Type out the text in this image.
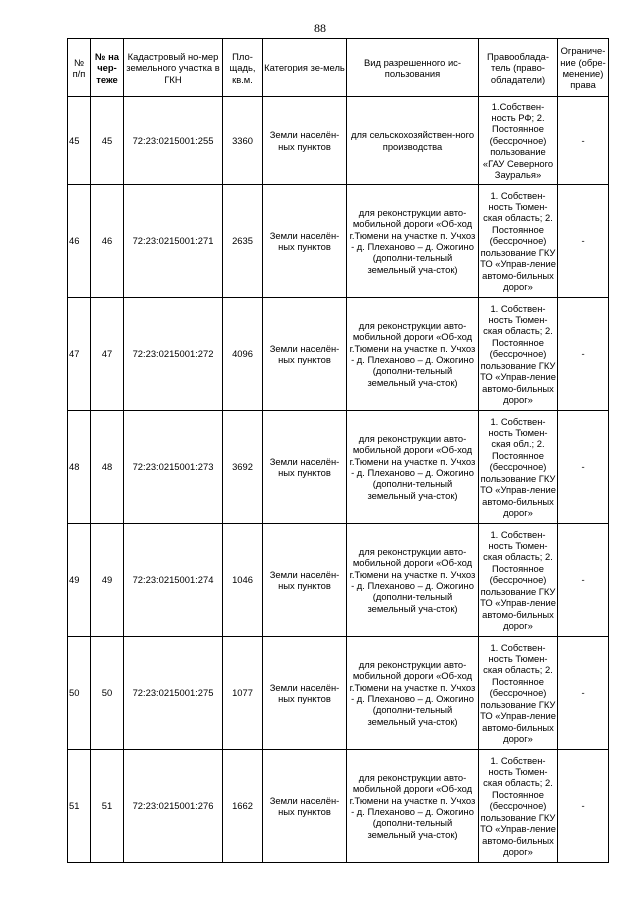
88
№ п/п	№ на чер-теже	Кадастровый но-мер земельного участка в ГКН	Пло-щадь, кв.м.	Категория зе-мель	Вид разрешенного ис-пользования	Правооблада-тель (право-обладатели)	Ограниче-ние (обре-менение) права
45	45	72:23:0215001:255	3360	Земли населён-ных пунктов	для сельскохозяйствен-ного производства	1.Собствен-ность РФ; 2. Постоянное (бессрочное) пользование «ГАУ Северного Зауралья»	-
46	46	72:23:0215001:271	2635	Земли населён-ных пунктов	для реконструкции авто-мобильной дороги «Об-ход г.Тюмени на участке п. Учхоз - д. Плеханово – д. Ожогино (дополни-тельный земельный уча-сток)	1. Собствен-ность Тюмен-ская область; 2. Постоянное (бессрочное) пользование ГКУ ТО «Управ-ление автомо-бильных дорог»	-
47	47	72:23:0215001:272	4096	Земли населён-ных пунктов	для реконструкции авто-мобильной дороги «Об-ход г.Тюмени на участке п. Учхоз - д. Плеханово – д. Ожогино (дополни-тельный земельный уча-сток)	1. Собствен-ность Тюмен-ская область; 2. Постоянное (бессрочное) пользование ГКУ ТО «Управ-ление автомо-бильных дорог»	-
48	48	72:23:0215001:273	3692	Земли населён-ных пунктов	для реконструкции авто-мобильной дороги «Об-ход г.Тюмени на участке п. Учхоз - д. Плеханово – д. Ожогино (дополни-тельный земельный уча-сток)	1. Собствен-ность Тюмен-ская обл.; 2. Постоянное (бессрочное) пользование ГКУ ТО «Управ-ление автомо-бильных дорог»	-
49	49	72:23:0215001:274	1046	Земли населён-ных пунктов	для реконструкции авто-мобильной дороги «Об-ход г.Тюмени на участке п. Учхоз - д. Плеханово – д. Ожогино (дополни-тельный земельный уча-сток)	1. Собствен-ность Тюмен-ская область; 2. Постоянное (бессрочное) пользование ГКУ ТО «Управ-ление автомо-бильных дорог»	-
50	50	72:23:0215001:275	1077	Земли населён-ных пунктов	для реконструкции авто-мобильной дороги «Об-ход г.Тюмени на участке п. Учхоз - д. Плеханово – д. Ожогино (дополни-тельный земельный уча-сток)	1. Собствен-ность Тюмен-ская область; 2. Постоянное (бессрочное) пользование ГКУ ТО «Управ-ление автомо-бильных дорог»	-
51	51	72:23:0215001:276	1662	Земли населён-ных пунктов	для реконструкции авто-мобильной дороги «Об-ход г.Тюмени на участке п. Учхоз - д. Плеханово – д. Ожогино (дополни-тельный земельный уча-сток)	1. Собствен-ность Тюмен-ская область; 2. Постоянное (бессрочное) пользование ГКУ ТО «Управ-ление автомо-бильных дорог»	-
